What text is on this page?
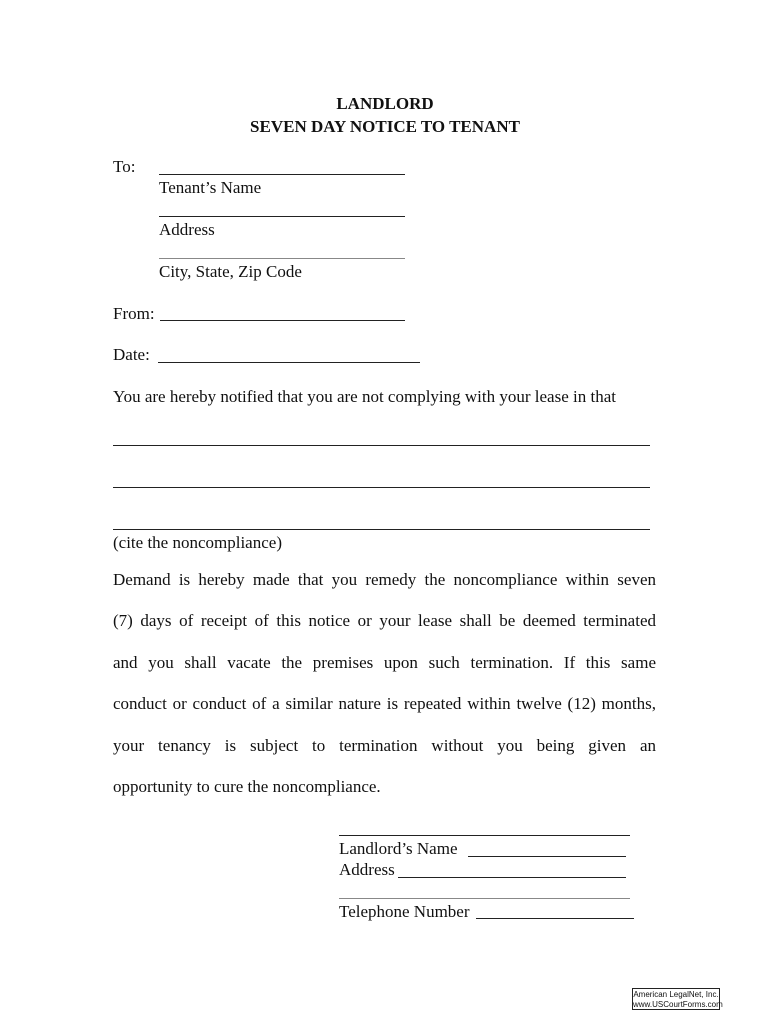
LANDLORD
SEVEN DAY NOTICE TO TENANT
To:
Tenant’s Name
Address
City, State, Zip Code
From:
Date:
You are hereby notified that you are not complying with your lease in that
(cite the noncompliance)
Demand is hereby made that you remedy the noncompliance within seven
(7) days of receipt of this notice or your lease shall be deemed terminated
and you shall vacate the premises upon such termination. If this same
conduct or conduct of a similar nature is repeated within twelve (12) months,
your tenancy is subject to termination without you being given an
opportunity to cure the noncompliance.
Landlord’s Name
Address
Telephone Number
American LegalNet, Inc.
www.USCourtForms.com
